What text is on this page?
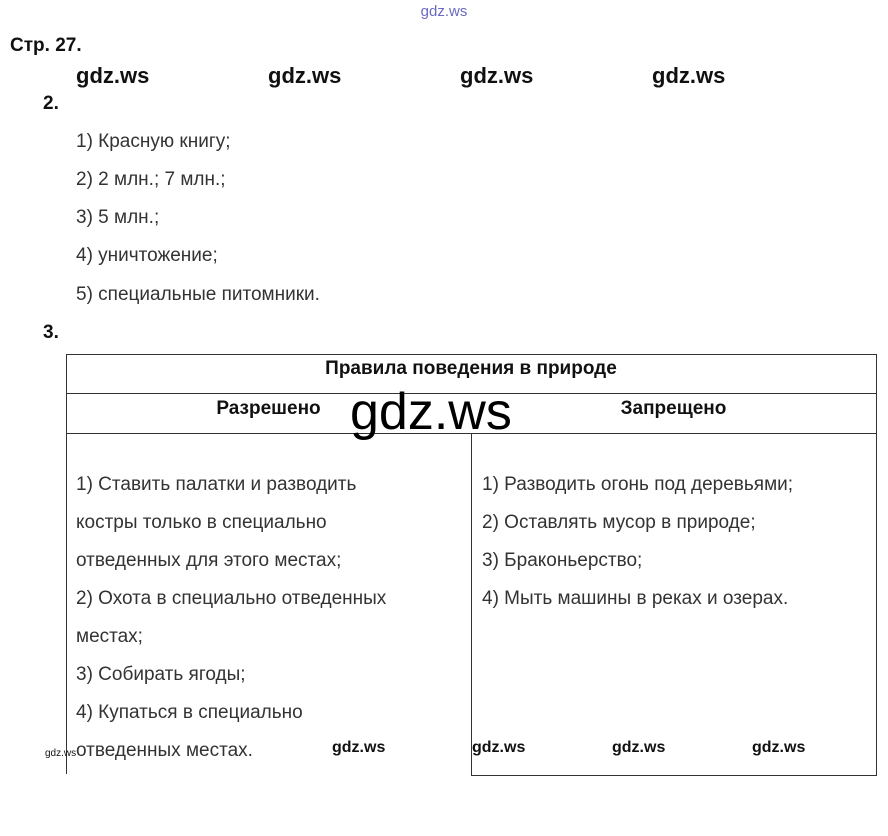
gdz.ws
Стр. 27.
gdz.ws	gdz.ws	gdz.ws	gdz.ws
2.
1) Красную книгу;
2) 2 млн.; 7 млн.;
3) 5 млн.;
4) уничтожение;
5) специальные питомники.
3.
Правила поведения в природе
Разрешено	Запрещено
1) Ставить палатки и разводить
костры только в специально
отведенных для этого местах;
2) Охота в специально отведенных
местах;
3) Собирать ягоды;
4) Купаться в специально
отведенных местах.
1) Разводить огонь под деревьями;
2) Оставлять мусор в природе;
3) Браконьерство;
4) Мыть машины в реках и озерах.
gdz.ws
gdz.ws	gdz.ws	gdz.ws	gdz.ws	gdz.ws
